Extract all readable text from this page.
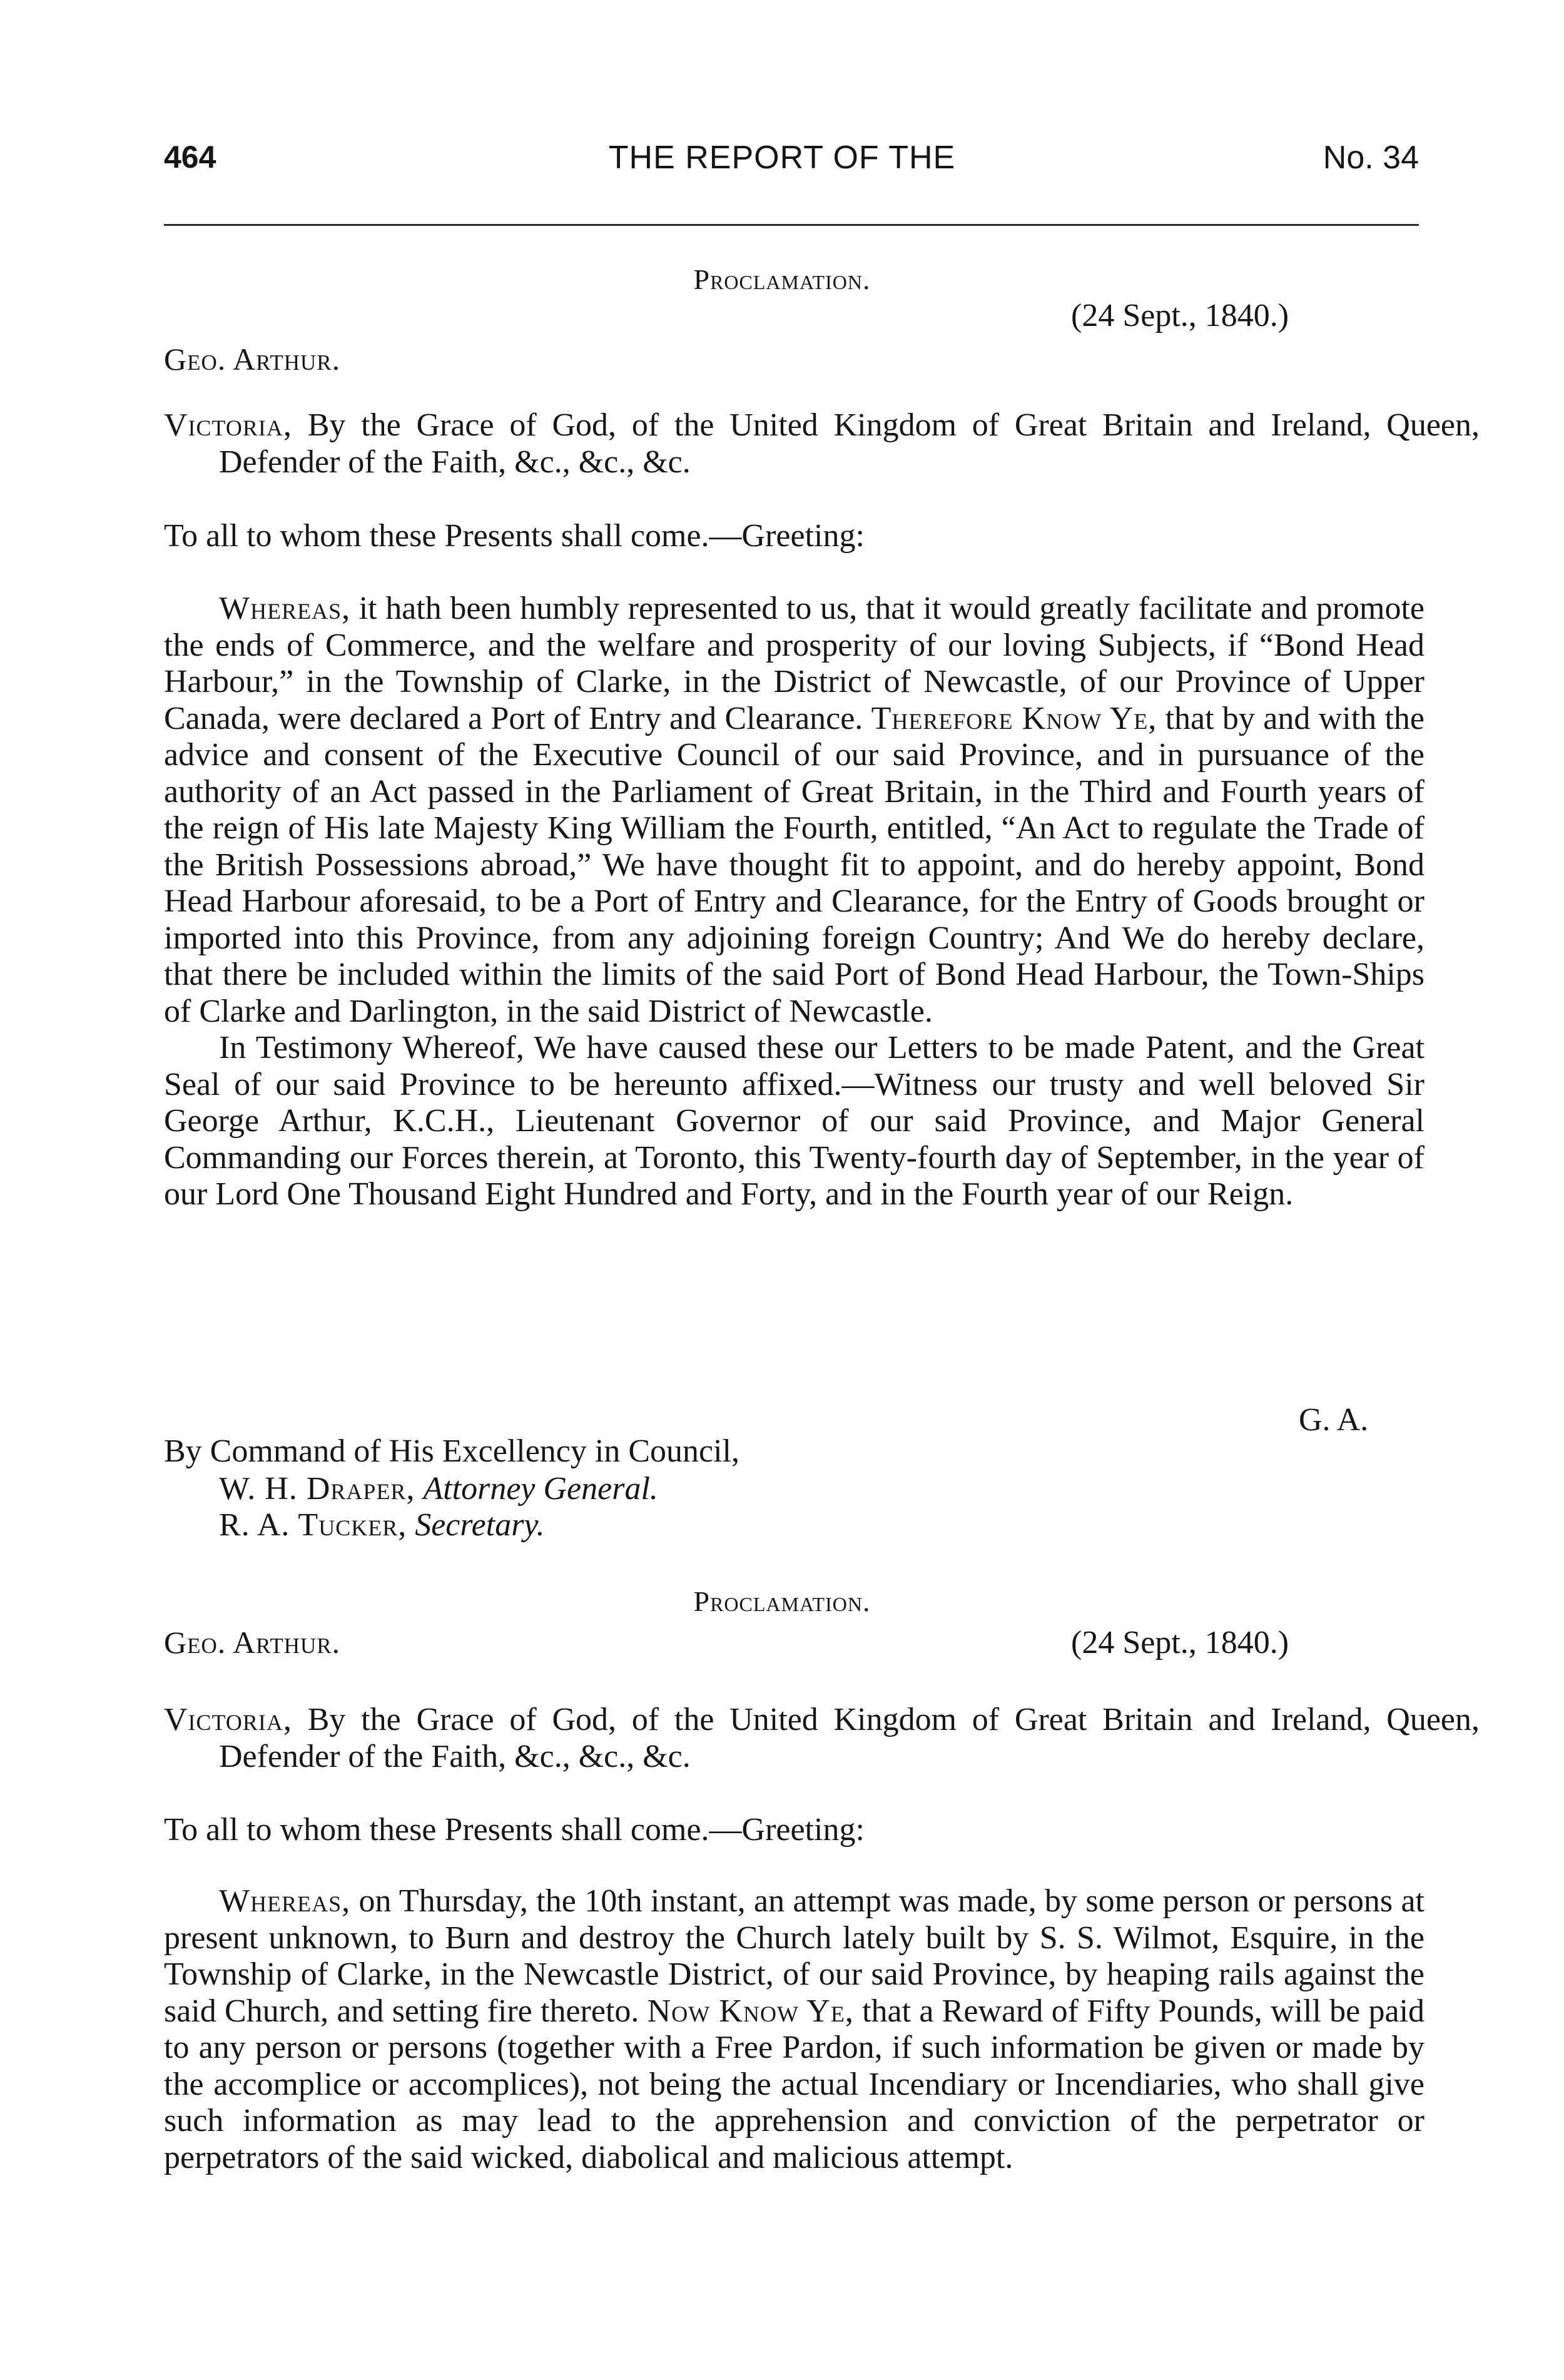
464	THE REPORT OF THE	No. 34
Proclamation.
(24 Sept., 1840.)
Geo. Arthur.
Victoria, By the Grace of God, of the United Kingdom of Great Britain and Ireland, Queen, Defender of the Faith, &c., &c., &c.
To all to whom these Presents shall come.—Greeting:
Whereas, it hath been humbly represented to us, that it would greatly facilitate and promote the ends of Commerce, and the welfare and prosperity of our loving Subjects, if “Bond Head Harbour,” in the Township of Clarke, in the District of Newcastle, of our Province of Upper Canada, were declared a Port of Entry and Clearance. Therefore Know Ye, that by and with the advice and consent of the Executive Council of our said Province, and in pursuance of the authority of an Act passed in the Parliament of Great Britain, in the Third and Fourth years of the reign of His late Majesty King William the Fourth, entitled, “An Act to regulate the Trade of the British Possessions abroad,” We have thought fit to appoint, and do hereby appoint, Bond Head Harbour aforesaid, to be a Port of Entry and Clearance, for the Entry of Goods brought or imported into this Province, from any adjoining foreign Country; And We do hereby declare, that there be included within the limits of the said Port of Bond Head Harbour, the Town-Ships of Clarke and Darlington, in the said District of Newcastle.
In Testimony Whereof, We have caused these our Letters to be made Patent, and the Great Seal of our said Province to be hereunto affixed.—Witness our trusty and well beloved Sir George Arthur, K.C.H., Lieutenant Governor of our said Province, and Major General Commanding our Forces therein, at Toronto, this Twenty-fourth day of September, in the year of our Lord One Thousand Eight Hundred and Forty, and in the Fourth year of our Reign.
G. A.
By Command of His Excellency in Council,
W. H. Draper, Attorney General.
R. A. Tucker, Secretary.
Proclamation.
Geo. Arthur.	(24 Sept., 1840.)
Victoria, By the Grace of God, of the United Kingdom of Great Britain and Ireland, Queen, Defender of the Faith, &c., &c., &c.
To all to whom these Presents shall come.—Greeting:
Whereas, on Thursday, the 10th instant, an attempt was made, by some person or persons at present unknown, to Burn and destroy the Church lately built by S. S. Wilmot, Esquire, in the Township of Clarke, in the Newcastle District, of our said Province, by heaping rails against the said Church, and setting fire thereto. Now Know Ye, that a Reward of Fifty Pounds, will be paid to any person or persons (together with a Free Pardon, if such information be given or made by the accomplice or accomplices), not being the actual Incendiary or Incendiaries, who shall give such information as may lead to the apprehension and conviction of the perpetrator or perpetrators of the said wicked, diabolical and malicious attempt.
